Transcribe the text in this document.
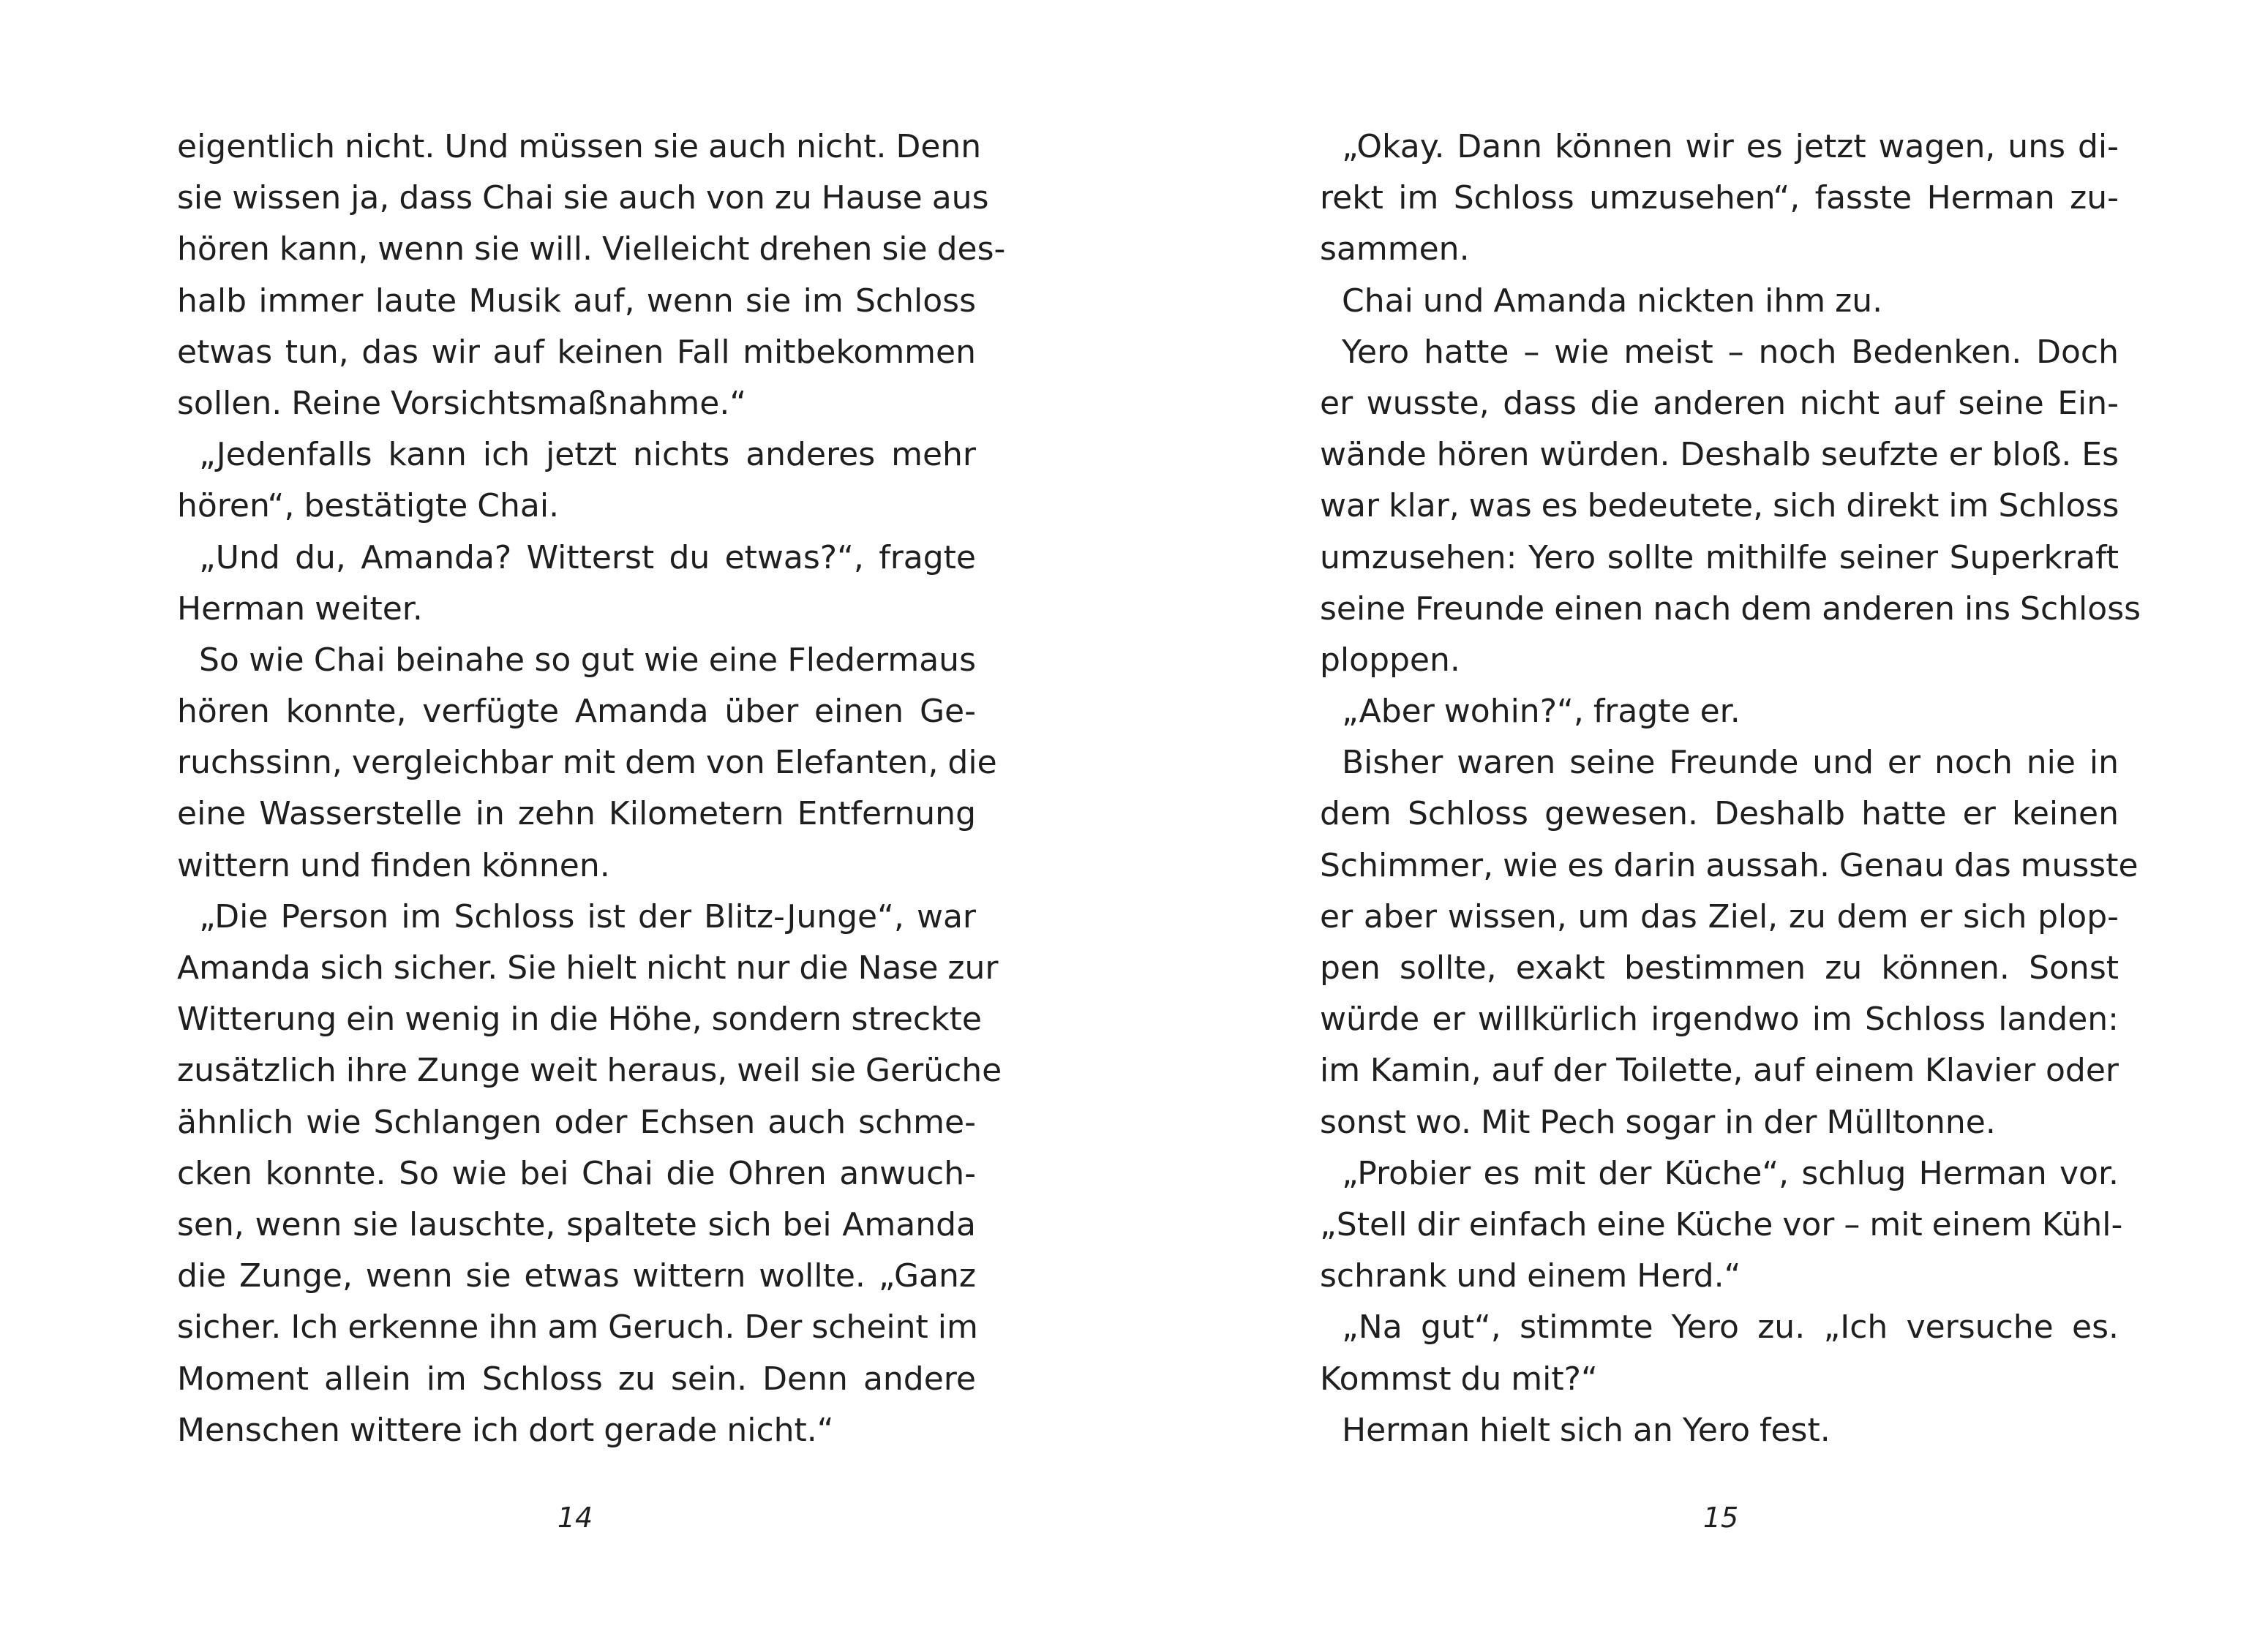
eigentlich nicht. Und müssen sie auch nicht. Denn
sie wissen ja, dass Chai sie auch von zu Hause aus
hören kann, wenn sie will. Vielleicht drehen sie des-
halb immer laute Musik auf, wenn sie im Schloss
etwas tun, das wir auf keinen Fall mitbekommen
sollen. Reine Vorsichtsmaßnahme.“
„Jedenfalls kann ich jetzt nichts anderes mehr
hören“, bestätigte Chai.
„Und du, Amanda? Witterst du etwas?“, fragte
Herman weiter.
So wie Chai beinahe so gut wie eine Fledermaus
hören konnte, verfügte Amanda über einen Ge-
ruchssinn, vergleichbar mit dem von Elefanten, die
eine Wasserstelle in zehn Kilometern Entfernung
wittern und finden können.
„Die Person im Schloss ist der Blitz-Junge“, war
Amanda sich sicher. Sie hielt nicht nur die Nase zur
Witterung ein wenig in die Höhe, sondern streckte
zusätzlich ihre Zunge weit heraus, weil sie Gerüche
ähnlich wie Schlangen oder Echsen auch schme-
cken konnte. So wie bei Chai die Ohren anwuch-
sen, wenn sie lauschte, spaltete sich bei Amanda
die Zunge, wenn sie etwas wittern wollte. „Ganz
sicher. Ich erkenne ihn am Geruch. Der scheint im
Moment allein im Schloss zu sein. Denn andere
Menschen wittere ich dort gerade nicht.“
„Okay. Dann können wir es jetzt wagen, uns di-
rekt im Schloss umzusehen“, fasste Herman zu-
sammen.
Chai und Amanda nickten ihm zu.
Yero hatte – wie meist – noch Bedenken. Doch
er wusste, dass die anderen nicht auf seine Ein-
wände hören würden. Deshalb seufzte er bloß. Es
war klar, was es bedeutete, sich direkt im Schloss
umzusehen: Yero sollte mithilfe seiner Superkraft
seine Freunde einen nach dem anderen ins Schloss
ploppen.
„Aber wohin?“, fragte er.
Bisher waren seine Freunde und er noch nie in
dem Schloss gewesen. Deshalb hatte er keinen
Schimmer, wie es darin aussah. Genau das musste
er aber wissen, um das Ziel, zu dem er sich plop-
pen sollte, exakt bestimmen zu können. Sonst
würde er willkürlich irgendwo im Schloss landen:
im Kamin, auf der Toilette, auf einem Klavier oder
sonst wo. Mit Pech sogar in der Mülltonne.
„Probier es mit der Küche“, schlug Herman vor.
„Stell dir einfach eine Küche vor – mit einem Kühl-
schrank und einem Herd.“
„Na gut“, stimmte Yero zu. „Ich versuche es.
Kommst du mit?“
Herman hielt sich an Yero fest.
14	15
